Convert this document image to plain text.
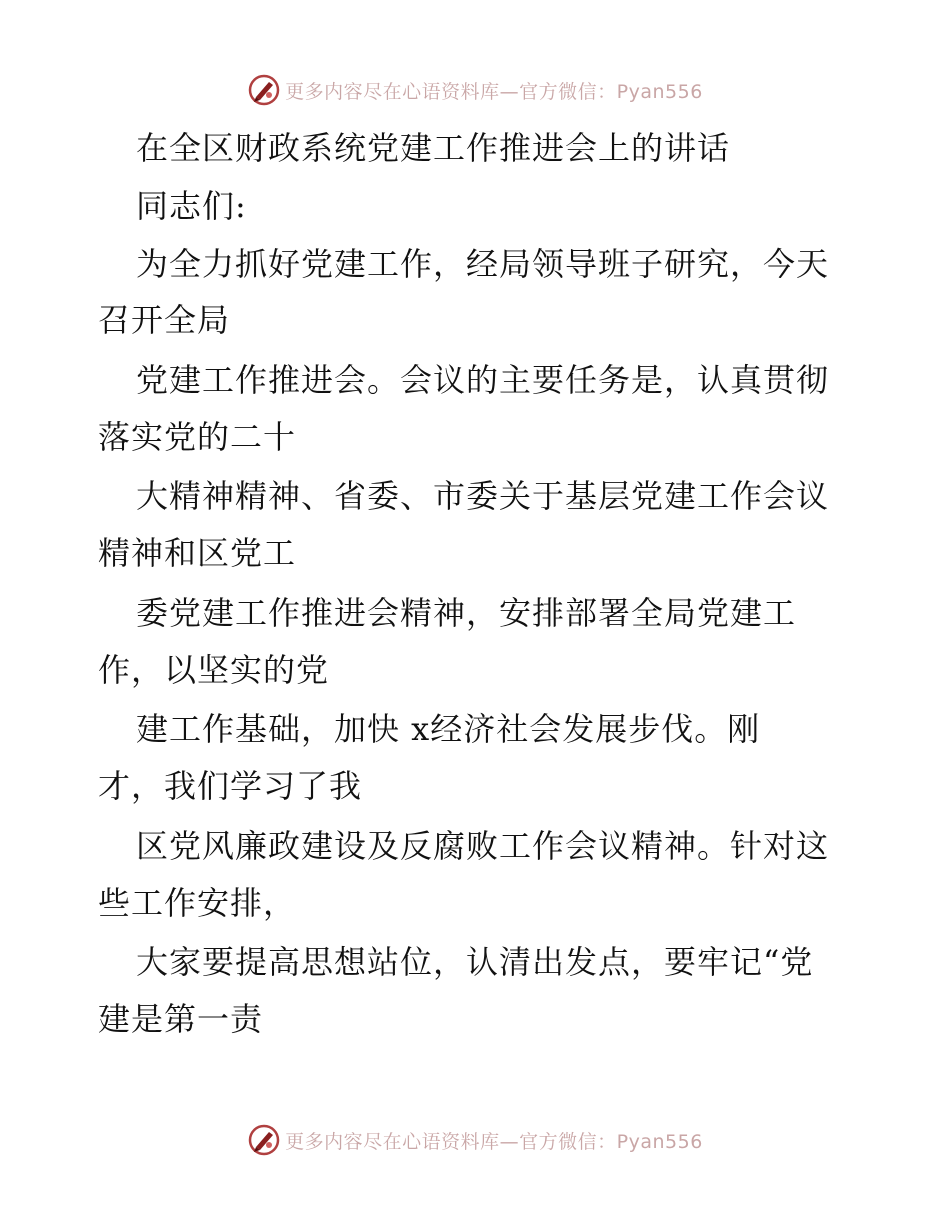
更多内容尽在心语资料库—官方微信：Pyan556
在全区财政系统党建工作推进会上的讲话
同志们:
为全力抓好党建工作，经局领导班子研究，今天
召开全局
党建工作推进会。会议的主要任务是，认真贯彻
落实党的二十
大精神精神、省委、市委关于基层党建工作会议
精神和区党工
委党建工作推进会精神，安排部署全局党建工
作，以坚实的党
建工作基础，加快 x经济社会发展步伐。刚
才，我们学习了我
区党风廉政建设及反腐败工作会议精神。针对这
些工作安排，
大家要提高思想站位，认清出发点，要牢记“党
建是第一责
更多内容尽在心语资料库—官方微信：Pyan556
